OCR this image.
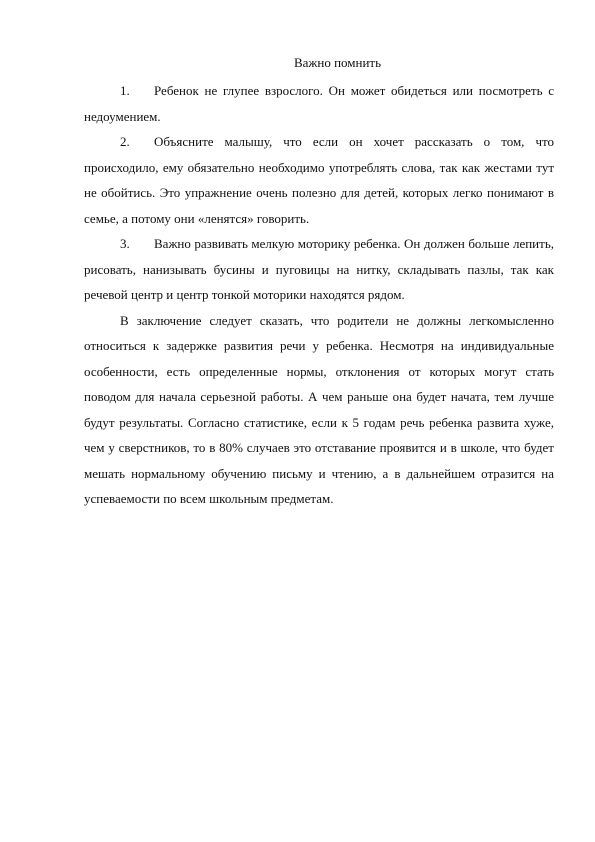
Важно помнить

1. Ребенок не глупее взрослого. Он может обидеться или посмотреть с недоумением.

2. Объясните малышу, что если он хочет рассказать о том, что происходило, ему обязательно необходимо употреблять слова, так как жестами тут не обойтись. Это упражнение очень полезно для детей, которых легко понимают в семье, а потому они «ленятся» говорить.

3. Важно развивать мелкую моторику ребенка. Он должен больше лепить, рисовать, нанизывать бусины и пуговицы на нитку, складывать пазлы, так как речевой центр и центр тонкой моторики находятся рядом.

В заключение следует сказать, что родители не должны легкомысленно относиться к задержке развития речи у ребенка. Несмотря на индивидуальные особенности, есть определенные нормы, отклонения от которых могут стать поводом для начала серьезной работы. А чем раньше она будет начата, тем лучше будут результаты. Согласно статистике, если к 5 годам речь ребенка развита хуже, чем у сверстников, то в 80% случаев это отставание проявится и в школе, что будет мешать нормальному обучению письму и чтению, а в дальнейшем отразится на успеваемости по всем школьным предметам.
